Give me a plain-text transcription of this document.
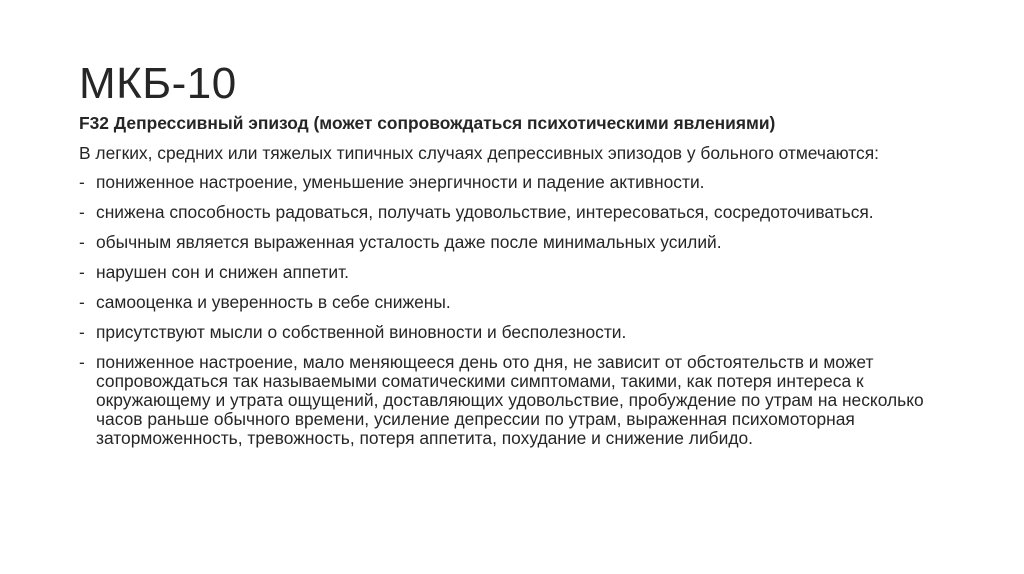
МКБ-10

F32 Депрессивный эпизод (может сопровождаться психотическими явлениями)

В легких, средних или тяжелых типичных случаях депрессивных эпизодов у больного отмечаются:

- пониженное настроение, уменьшение энергичности и падение активности.
- снижена способность радоваться, получать удовольствие, интересоваться, сосредоточиваться.
- обычным является выраженная усталость даже после минимальных усилий.
- нарушен сон и снижен аппетит.
- самооценка и уверенность в себе снижены.
- присутствуют мысли о собственной виновности и бесполезности.
- пониженное настроение, мало меняющееся день ото дня, не зависит от обстоятельств и может сопровождаться так называемыми соматическими симптомами, такими, как потеря интереса к окружающему и утрата ощущений, доставляющих удовольствие, пробуждение по утрам на несколько часов раньше обычного времени, усиление депрессии по утрам, выраженная психомоторная заторможенность, тревожность, потеря аппетита, похудание и снижение либидо.
